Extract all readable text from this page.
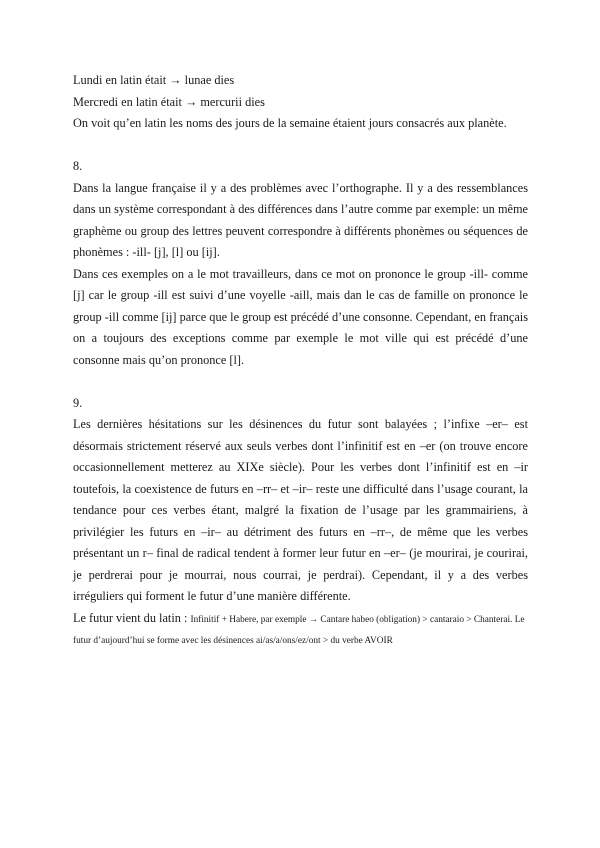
Lundi en latin était → lunae dies
Mercredi en latin était → mercurii dies
On voit qu’en latin les noms des jours de la semaine étaient jours consacrés aux planète.
8.

Dans la langue française il y a des problèmes avec l’orthographe. Il y a des ressemblances dans un système correspondant à des différences dans l’autre comme par exemple: un même graphème ou group des lettres peuvent correspondre à différents phonèmes ou séquences de phonèmes : -ill- [j], [l] ou [ij].

Dans ces exemples on a le mot travailleurs, dans ce mot on prononce le group -ill- comme [j] car le group -ill est suivi d’une voyelle -aill, mais dan le cas de famille on prononce le group -ill comme [ij] parce que le group est précédé d’une consonne. Cependant, en français on a toujours des exceptions comme par exemple le mot ville qui est précédé d’une consonne mais qu’on prononce [l].

9.

Les dernières hésitations sur les désinences du futur sont balayées ; l’infixe –er– est désormais strictement réservé aux seuls verbes dont l’infinitif est en –er (on trouve encore occasionnellement metterez au XIXe siècle). Pour les verbes dont l’infinitif est en –ir toutefois, la coexistence de futurs en –rr– et –ir– reste une difficulté dans l’usage courant, la tendance pour ces verbes étant, malgré la fixation de l’usage par les grammairiens, à privilégier les futurs en –ir– au détriment des futurs en –rr–, de même que les verbes présentant un r– final de radical tendent à former leur futur en –er– (je mourirai, je courirai, je perdrerai pour je mourrai, nous courrai, je perdrai). Cependant, il y a des verbes irréguliers qui forment le futur d’une manière différente.

Le futur vient du latin : Infinitif + Habere, par exemple → Cantare habeo (obligation) > cantaraio > Chanterai. Le futur d’aujourd’hui se forme avec les désinences ai/as/a/ons/ez/ont > du verbe AVOIR
